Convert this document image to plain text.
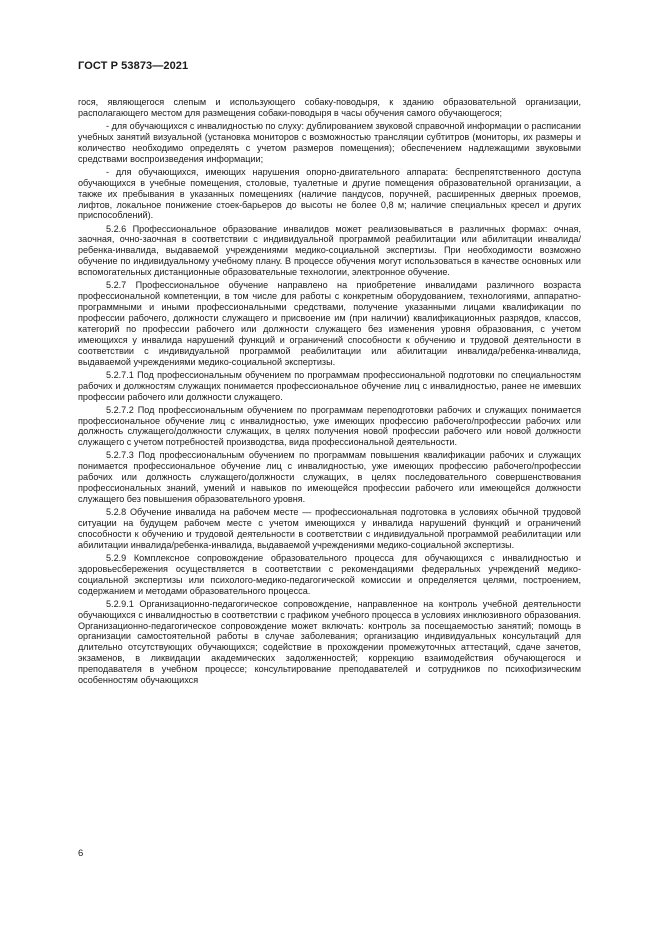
ГОСТ Р 53873—2021

гося, являющегося слепым и использующего собаку-поводыря, к зданию образовательной организации, располагающего местом для размещения собаки-поводыря в часы обучения самого обучающегося;

- для обучающихся с инвалидностью по слуху: дублированием звуковой справочной информации о расписании учебных занятий визуальной (установка мониторов с возможностью трансляции субтитров (мониторы, их размеры и количество необходимо определять с учетом размеров помещения); обеспечением надлежащими звуковыми средствами воспроизведения информации;

- для обучающихся, имеющих нарушения опорно-двигательного аппарата: беспрепятственного доступа обучающихся в учебные помещения, столовые, туалетные и другие помещения образовательной организации, а также их пребывания в указанных помещениях (наличие пандусов, поручней, расширенных дверных проемов, лифтов, локальное понижение стоек-барьеров до высоты не более 0,8 м; наличие специальных кресел и других приспособлений).

5.2.6 Профессиональное образование инвалидов может реализовываться в различных формах: очная, заочная, очно-заочная в соответствии с индивидуальной программой реабилитации или абилитации инвалида/ребенка-инвалида, выдаваемой учреждениями медико-социальной экспертизы. При необходимости возможно обучение по индивидуальному учебному плану. В процессе обучения могут использоваться в качестве основных или вспомогательных дистанционные образовательные технологии, электронное обучение.

5.2.7 Профессиональное обучение направлено на приобретение инвалидами различного возраста профессиональной компетенции, в том числе для работы с конкретным оборудованием, технологиями, аппаратно-программными и иными профессиональными средствами, получение указанными лицами квалификации по профессии рабочего, должности служащего и присвоение им (при наличии) квалификационных разрядов, классов, категорий по профессии рабочего или должности служащего без изменения уровня образования, с учетом имеющихся у инвалида нарушений функций и ограничений способности к обучению и трудовой деятельности в соответствии с индивидуальной программой реабилитации или абилитации инвалида/ребенка-инвалида, выдаваемой учреждениями медико-социальной экспертизы.

5.2.7.1 Под профессиональным обучением по программам профессиональной подготовки по специальностям рабочих и должностям служащих понимается профессиональное обучение лиц с инвалидностью, ранее не имевших профессии рабочего или должности служащего.

5.2.7.2 Под профессиональным обучением по программам переподготовки рабочих и служащих понимается профессиональное обучение лиц с инвалидностью, уже имеющих профессию рабочего/профессии рабочих или должность служащего/должности служащих, в целях получения новой профессии рабочего или новой должности служащего с учетом потребностей производства, вида профессиональной деятельности.

5.2.7.3 Под профессиональным обучением по программам повышения квалификации рабочих и служащих понимается профессиональное обучение лиц с инвалидностью, уже имеющих профессию рабочего/профессии рабочих или должность служащего/должности служащих, в целях последовательного совершенствования профессиональных знаний, умений и навыков по имеющейся профессии рабочего или имеющейся должности служащего без повышения образовательного уровня.

5.2.8 Обучение инвалида на рабочем месте — профессиональная подготовка в условиях обычной трудовой ситуации на будущем рабочем месте с учетом имеющихся у инвалида нарушений функций и ограничений способности к обучению и трудовой деятельности в соответствии с индивидуальной программой реабилитации или абилитации инвалида/ребенка-инвалида, выдаваемой учреждениями медико-социальной экспертизы.

5.2.9 Комплексное сопровождение образовательного процесса для обучающихся с инвалидностью и здоровьесбережения осуществляется в соответствии с рекомендациями федеральных учреждений медико-социальной экспертизы или психолого-медико-педагогической комиссии и определяется целями, построением, содержанием и методами образовательного процесса.

5.2.9.1 Организационно-педагогическое сопровождение, направленное на контроль учебной деятельности обучающихся с инвалидностью в соответствии с графиком учебного процесса в условиях инклюзивного образования. Организационно-педагогическое сопровождение может включать: контроль за посещаемостью занятий; помощь в организации самостоятельной работы в случае заболевания; организацию индивидуальных консультаций для длительно отсутствующих обучающихся; содействие в прохождении промежуточных аттестаций, сдаче зачетов, экзаменов, в ликвидации академических задолженностей; коррекцию взаимодействия обучающегося и преподавателя в учебном процессе; консультирование преподавателей и сотрудников по психофизическим особенностям обучающихся

6
